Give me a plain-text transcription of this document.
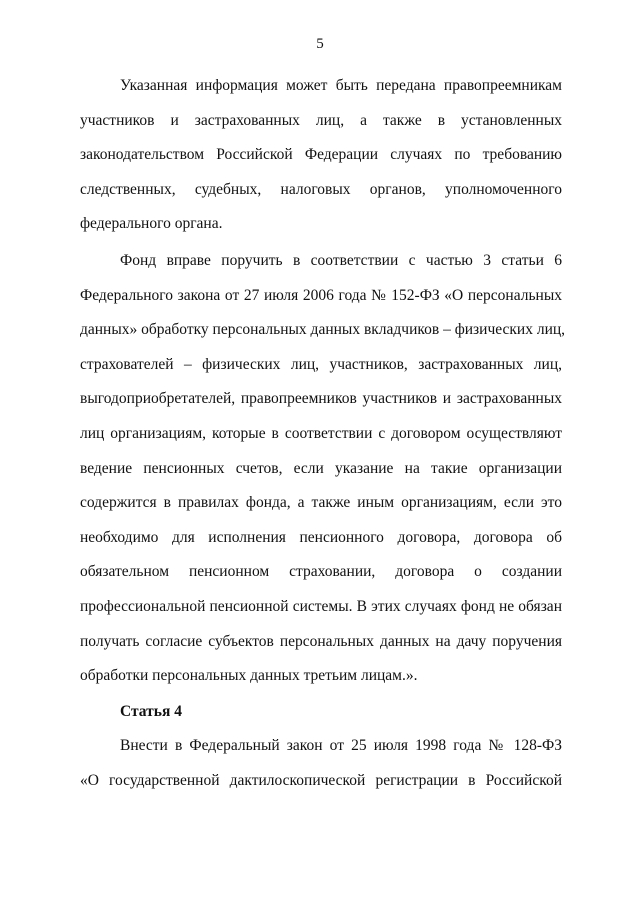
5
Указанная информация может быть передана правопреемникам
участников и застрахованных лиц, а также в установленных
законодательством Российской Федерации случаях по требованию
следственных, судебных, налоговых органов, уполномоченного
федерального органа.
Фонд вправе поручить в соответствии с частью 3 статьи 6
Федерального закона от 27 июля 2006 года № 152-ФЗ «О персональных
данных» обработку персональных данных вкладчиков – физических лиц,
страхователей – физических лиц, участников, застрахованных лиц,
выгодоприобретателей, правопреемников участников и застрахованных
лиц организациям, которые в соответствии с договором осуществляют
ведение пенсионных счетов, если указание на такие организации
содержится в правилах фонда, а также иным организациям, если это
необходимо для исполнения пенсионного договора, договора об
обязательном пенсионном страховании, договора о создании
профессиональной пенсионной системы. В этих случаях фонд не обязан
получать согласие субъектов персональных данных на дачу поручения
обработки персональных данных третьим лицам.».
Статья 4
Внести в Федеральный закон от 25 июля 1998 года № 128-ФЗ
«О государственной дактилоскопической регистрации в Российской
